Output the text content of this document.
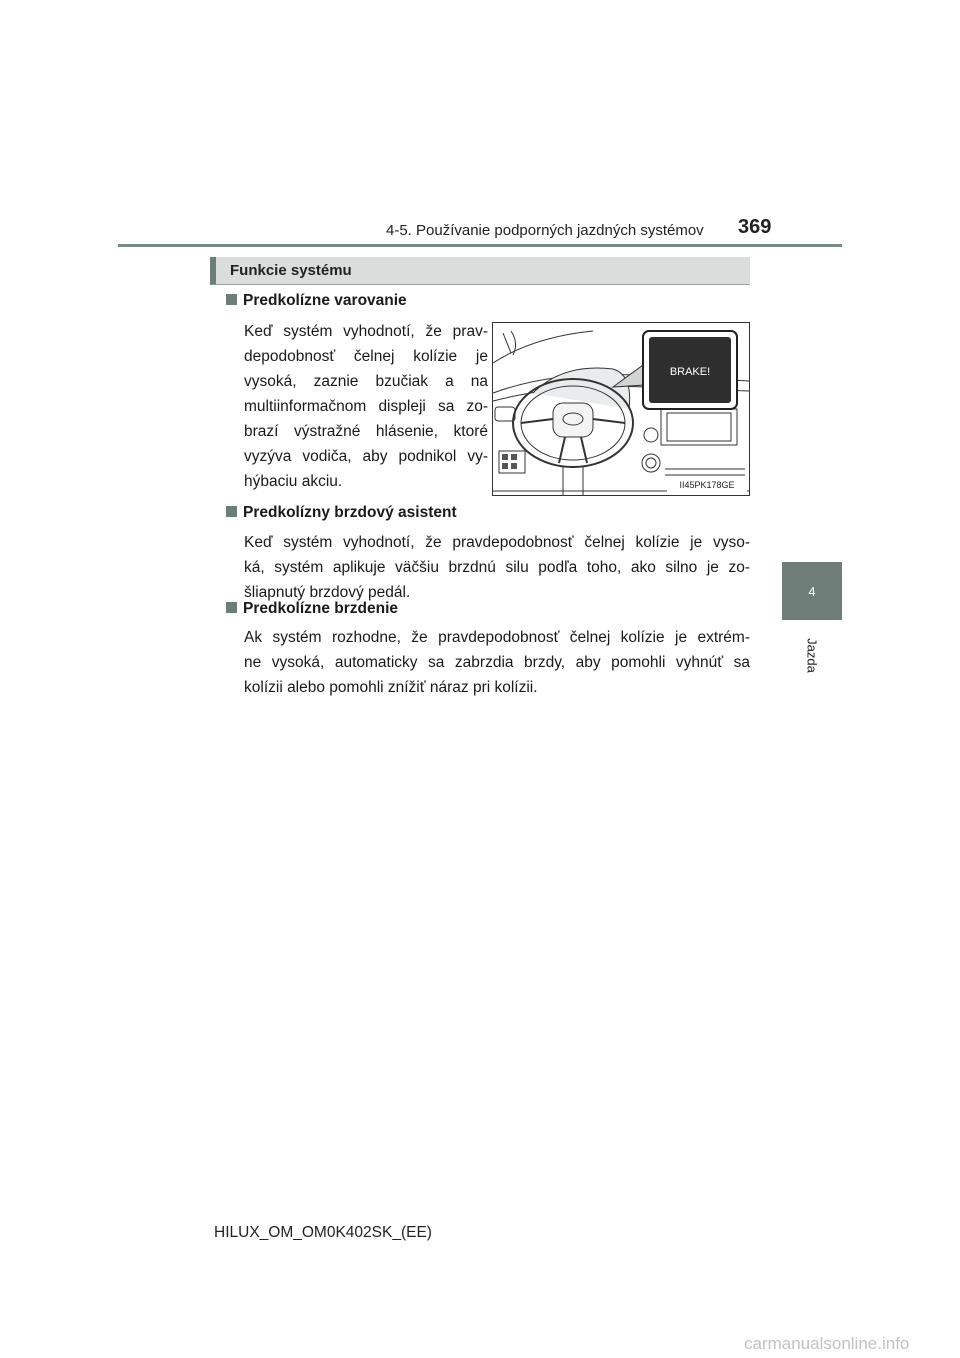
4-5. Používanie podporných jazdných systémov 369
4
Jazda
Funkcie systému
Predkolízne varovanie
Keď systém vyhodnotí, že prav-
depodobnosť čelnej kolízie je
vysoká, zaznie bzučiak a na
multiinformačnom displeji sa zo-
brazí výstražné hlásenie, ktoré
vyzýva vodiča, aby podnikol vy-
hýbaciu akciu.
BRAKE!
II45PK178GE
Predkolízny brzdový asistent
Keď systém vyhodnotí, že pravdepodobnosť čelnej kolízie je vyso-
ká, systém aplikuje väčšiu brzdnú silu podľa toho, ako silno je zo-
šliapnutý brzdový pedál.
Predkolízne brzdenie
Ak systém rozhodne, že pravdepodobnosť čelnej kolízie je extrém-
ne vysoká, automaticky sa zabrzdia brzdy, aby pomohli vyhnúť sa
kolízii alebo pomohli znížiť náraz pri kolízii.
HILUX_OM_OM0K402SK_(EE)
carmanualsonline.info
